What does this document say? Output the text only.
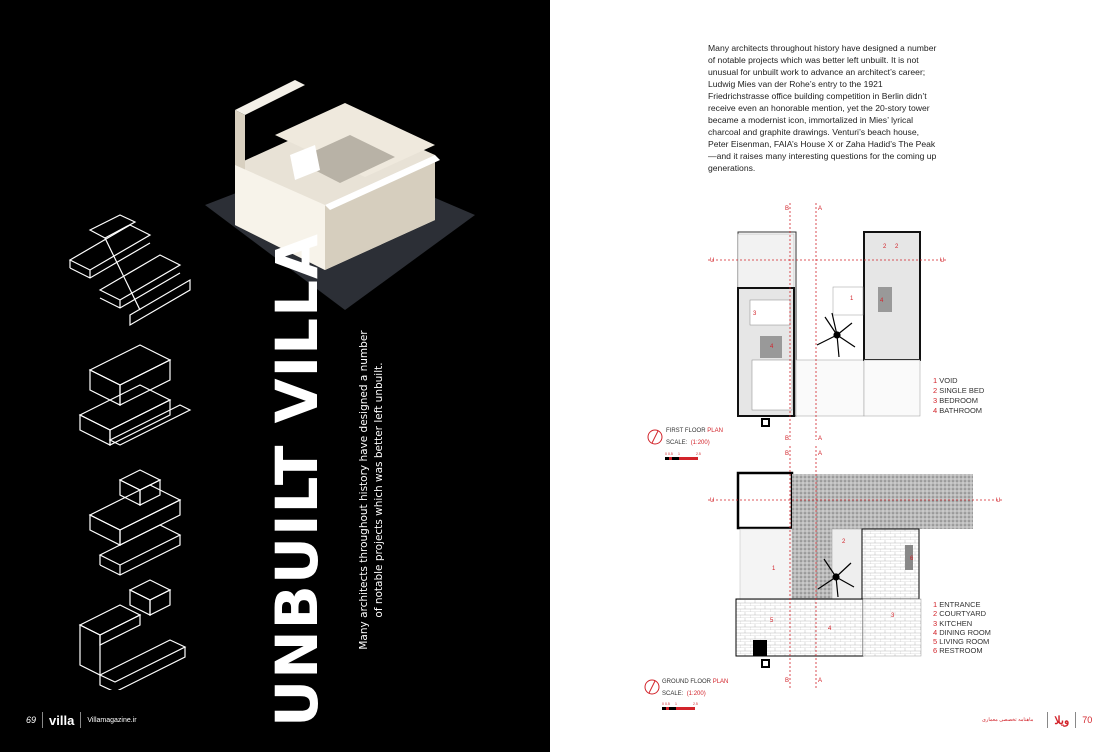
UNBUILT VILLA	Many architects throughout history have designed a number of notable projects which was better left unbuilt.
69 villa Villamagazine.ir
Many architects throughout history have designed a number of notable projects which was better left unbuilt. It is not unusual for unbuilt work to advance an architect’s career; Ludwig Mies van der Rohe’s entry to the 1921 Friedrichstrasse office building competition in Berlin didn’t receive even an honorable mention, yet the 20-story tower became a modernist icon, immortalized in Mies’ lyrical charcoal and graphite drawings. Venturi’s beach house, Peter Eisenman, FAIA’s House X or Zaha Hadid’s The Peak—and it raises many interesting questions for the coming up generations.
1
2 2
3
4
4
1
2
3
4
5
6
B	A
U	U
B	A
B	A
U	U
B	A
0 0.5 1	2.5
0 0.5 1	2.5
FIRST FLOOR PLAN
SCALE: (1:200)
GROUND FLOOR PLAN
SCALE: (1:200)
1 VOID
2 SINGLE BED
3 BEDROOM
4 BATHROOM
1 ENTRANCE
2 COURTYARD
3 KITCHEN
4 DINING ROOM
5 LIVING ROOM
6 RESTROOM
ماهنامه تخصصی معماری ویلا 70
